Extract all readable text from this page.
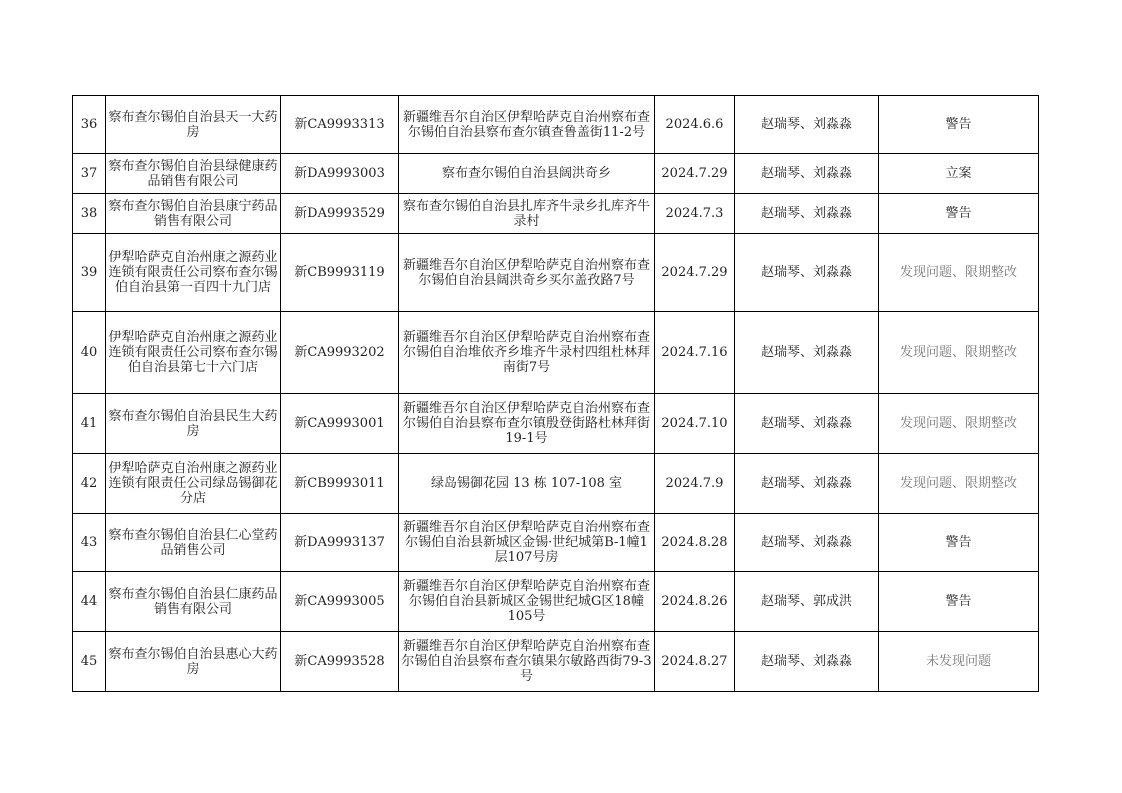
36	察布查尔锡伯自治县天一大药房	新CA9993313	新疆维吾尔自治区伊犁哈萨克自治州察布查尔锡伯自治县察布查尔镇查鲁盖街11-2号	2024.6.6	赵瑞琴、刘淼淼	警告
37	察布查尔锡伯自治县绿健康药品销售有限公司	新DA9993003	察布查尔锡伯自治县阔洪奇乡	2024.7.29	赵瑞琴、刘淼淼	立案
38	察布查尔锡伯自治县康宁药品销售有限公司	新DA9993529	察布查尔锡伯自治县扎库齐牛录乡扎库齐牛录村	2024.7.3	赵瑞琴、刘淼淼	警告
39	伊犁哈萨克自治州康之源药业连锁有限责任公司察布查尔锡伯自治县第一百四十九门店	新CB9993119	新疆维吾尔自治区伊犁哈萨克自治州察布查尔锡伯自治县阔洪奇乡买尔盖孜路7号	2024.7.29	赵瑞琴、刘淼淼	发现问题、限期整改
40	伊犁哈萨克自治州康之源药业连锁有限责任公司察布查尔锡伯自治县第七十六门店	新CA9993202	新疆维吾尔自治区伊犁哈萨克自治州察布查尔锡伯自治堆依齐乡堆齐牛录村四组杜林拜南街7号	2024.7.16	赵瑞琴、刘淼淼	发现问题、限期整改
41	察布查尔锡伯自治县民生大药房	新CA9993001	新疆维吾尔自治区伊犁哈萨克自治州察布查尔锡伯自治县察布查尔镇殷登街路杜林拜街19-1号	2024.7.10	赵瑞琴、刘淼淼	发现问题、限期整改
42	伊犁哈萨克自治州康之源药业连锁有限责任公司绿岛锡御花分店	新CB9993011	绿岛锡御花园 13 栋 107-108 室	2024.7.9	赵瑞琴、刘淼淼	发现问题、限期整改
43	察布查尔锡伯自治县仁心堂药品销售公司	新DA9993137	新疆维吾尔自治区伊犁哈萨克自治州察布查尔锡伯自治县新城区金锡·世纪城第B-1幢1层107号房	2024.8.28	赵瑞琴、刘淼淼	警告
44	察布查尔锡伯自治县仁康药品销售有限公司	新CA9993005	新疆维吾尔自治区伊犁哈萨克自治州察布查尔锡伯自治县新城区金锡世纪城G区18幢105号	2024.8.26	赵瑞琴、郭成洪	警告
45	察布查尔锡伯自治县惠心大药房	新CA9993528	新疆维吾尔自治区伊犁哈萨克自治州察布查尔锡伯自治县察布查尔镇果尔敏路西街79-3号	2024.8.27	赵瑞琴、刘淼淼	未发现问题
